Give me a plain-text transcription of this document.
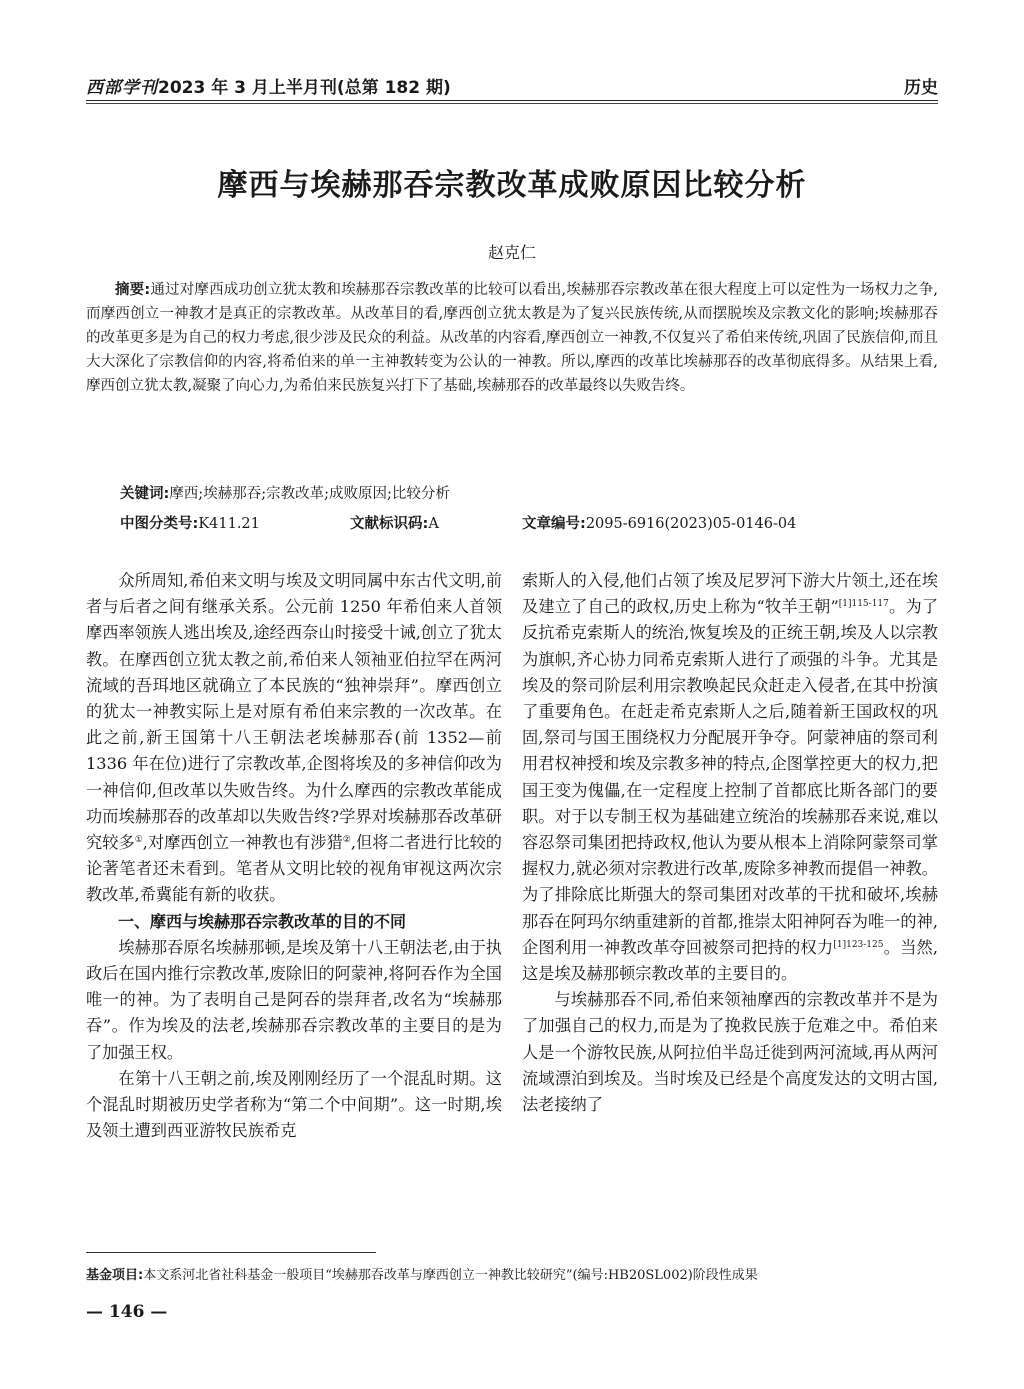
西部学刊2023 年 3 月上半月刊(总第 182 期)	历史
摩西与埃赫那吞宗教改革成败原因比较分析
赵克仁
摘要:通过对摩西成功创立犹太教和埃赫那吞宗教改革的比较可以看出,埃赫那吞宗教改革在很大程度上可以定性为一场权力之争,而摩西创立一神教才是真正的宗教改革。从改革目的看,摩西创立犹太教是为了复兴民族传统,从而摆脱埃及宗教文化的影响;埃赫那吞的改革更多是为自己的权力考虑,很少涉及民众的利益。从改革的内容看,摩西创立一神教,不仅复兴了希伯来传统,巩固了民族信仰,而且大大深化了宗教信仰的内容,将希伯来的单一主神教转变为公认的一神教。所以,摩西的改革比埃赫那吞的改革彻底得多。从结果上看,摩西创立犹太教,凝聚了向心力,为希伯来民族复兴打下了基础,埃赫那吞的改革最终以失败告终。
关键词:摩西;埃赫那吞;宗教改革;成败原因;比较分析
中图分类号:K411.21	文献标识码:A	文章编号:2095-6916(2023)05-0146-04

众所周知,希伯来文明与埃及文明同属中东古代文明,前者与后者之间有继承关系。公元前 1250 年希伯来人首领摩西率领族人逃出埃及,途经西奈山时接受十诫,创立了犹太教。在摩西创立犹太教之前,希伯来人领袖亚伯拉罕在两河流域的吾珥地区就确立了本民族的“独神崇拜”。摩西创立的犹太一神教实际上是对原有希伯来宗教的一次改革。在此之前,新王国第十八王朝法老埃赫那吞(前 1352—前 1336 年在位)进行了宗教改革,企图将埃及的多神信仰改为一神信仰,但改革以失败告终。为什么摩西的宗教改革能成功而埃赫那吞的改革却以失败告终?学界对埃赫那吞改革研究较多①,对摩西创立一神教也有涉猎②,但将二者进行比较的论著笔者还未看到。笔者从文明比较的视角审视这两次宗教改革,希冀能有新的收获。

一、摩西与埃赫那吞宗教改革的目的不同

埃赫那吞原名埃赫那顿,是埃及第十八王朝法老,由于执政后在国内推行宗教改革,废除旧的阿蒙神,将阿吞作为全国唯一的神。为了表明自己是阿吞的崇拜者,改名为“埃赫那吞”。作为埃及的法老,埃赫那吞宗教改革的主要目的是为了加强王权。

在第十八王朝之前,埃及刚刚经历了一个混乱时期。这个混乱时期被历史学者称为“第二个中间期”。这一时期,埃及领土遭到西亚游牧民族希克

索斯人的入侵,他们占领了埃及尼罗河下游大片领土,还在埃及建立了自己的政权,历史上称为“牧羊王朝”$^{[1]115-117}$。为了反抗希克索斯人的统治,恢复埃及的正统王朝,埃及人以宗教为旗帜,齐心协力同希克索斯人进行了顽强的斗争。尤其是埃及的祭司阶层利用宗教唤起民众赶走入侵者,在其中扮演了重要角色。在赶走希克索斯人之后,随着新王国政权的巩固,祭司与国王围绕权力分配展开争夺。阿蒙神庙的祭司利用君权神授和埃及宗教多神的特点,企图掌控更大的权力,把国王变为傀儡,在一定程度上控制了首都底比斯各部门的要职。对于以专制王权为基础建立统治的埃赫那吞来说,难以容忍祭司集团把持政权,他认为要从根本上消除阿蒙祭司掌握权力,就必须对宗教进行改革,废除多神教而提倡一神教。为了排除底比斯强大的祭司集团对改革的干扰和破坏,埃赫那吞在阿玛尔纳重建新的首都,推崇太阳神阿吞为唯一的神,企图利用一神教改革夺回被祭司把持的权力$^{[1]123-125}$。当然,这是埃及赫那顿宗教改革的主要目的。

与埃赫那吞不同,希伯来领袖摩西的宗教改革并不是为了加强自己的权力,而是为了挽救民族于危难之中。希伯来人是一个游牧民族,从阿拉伯半岛迁徙到两河流域,再从两河流域漂泊到埃及。当时埃及已经是个高度发达的文明古国,法老接纳了

基金项目:本文系河北省社科基金一般项目“埃赫那吞改革与摩西创立一神教比较研究”(编号:HB20SL002)阶段性成果
— 146 —
